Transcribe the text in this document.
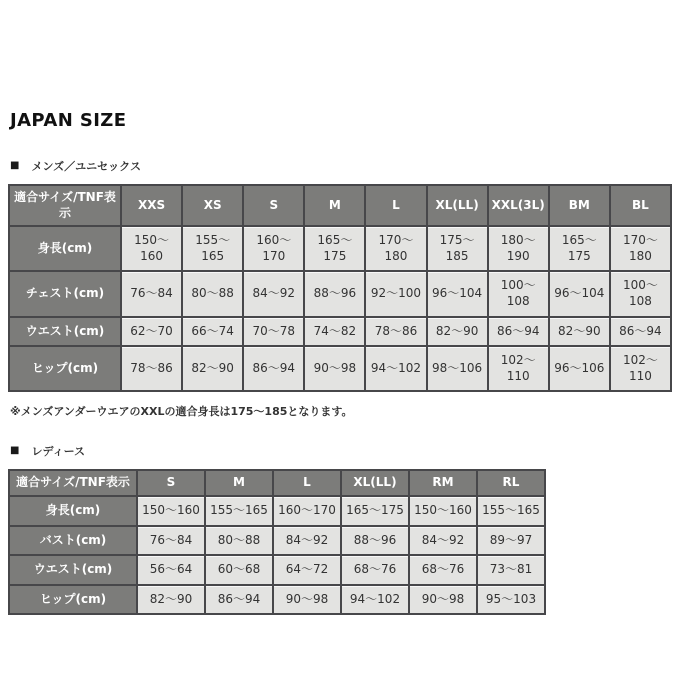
JAPAN SIZE
■ メンズ／ユニセックス
適合サイズ/TNF表示	XXS	XS	S	M	L	XL(LL)	XXL(3L)	BM	BL
身長(cm)	150〜160	155〜165	160〜170	165〜175	170〜180	175〜185	180〜190	165〜175	170〜180
チェスト(cm)	76〜84	80〜88	84〜92	88〜96	92〜100	96〜104	100〜108	96〜104	100〜108
ウエスト(cm)	62〜70	66〜74	70〜78	74〜82	78〜86	82〜90	86〜94	82〜90	86〜94
ヒップ(cm)	78〜86	82〜90	86〜94	90〜98	94〜102	98〜106	102〜110	96〜106	102〜110
※メンズアンダーウエアのXXLの適合身長は175〜185となります。
■ レディース
適合サイズ/TNF表示	S	M	L	XL(LL)	RM	RL
身長(cm)	150〜160	155〜165	160〜170	165〜175	150〜160	155〜165
バスト(cm)	76〜84	80〜88	84〜92	88〜96	84〜92	89〜97
ウエスト(cm)	56〜64	60〜68	64〜72	68〜76	68〜76	73〜81
ヒップ(cm)	82〜90	86〜94	90〜98	94〜102	90〜98	95〜103
